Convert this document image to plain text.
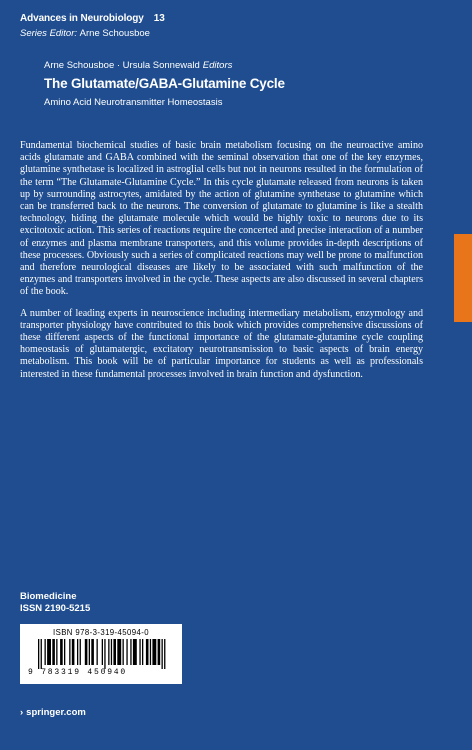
Advances in Neurobiology 13
Series Editor: Arne Schousboe
Arne Schousboe · Ursula Sonnewald Editors
The Glutamate/GABA-Glutamine Cycle
Amino Acid Neurotransmitter Homeostasis

Fundamental biochemical studies of basic brain metabolism focusing on the neuroactive amino acids glutamate and GABA combined with the seminal observation that one of the key enzymes, glutamine synthetase is localized in astroglial cells but not in neurons resulted in the formulation of the term “The Glutamate-Glutamine Cycle.” In this cycle glutamate released from neurons is taken up by surrounding astrocytes, amidated by the action of glutamine synthetase to glutamine which can be transferred back to the neurons. The conversion of glutamate to glutamine is like a stealth technology, hiding the glutamate molecule which would be highly toxic to neurons due to its excitotoxic action. This series of reactions require the concerted and precise interaction of a number of enzymes and plasma membrane transporters, and this volume provides in-depth descriptions of these processes. Obviously such a series of complicated reactions may well be prone to malfunction and therefore neurological diseases are likely to be associated with such malfunction of the enzymes and transporters involved in the cycle. These aspects are also discussed in several chapters of the book.

A number of leading experts in neuroscience including intermediary metabolism, enzymology and transporter physiology have contributed to this book which provides comprehensive discussions of these different aspects of the functional importance of the glutamate-glutamine cycle coupling homeostasis of glutamatergic, excitatory neurotransmission to basic aspects of brain energy metabolism. This book will be of particular importance for students as well as professionals interested in these fundamental processes involved in brain function and dysfunction.

Biomedicine
ISSN 2190-5215
ISBN 978-3-319-45094-0
9 783319 450940
› springer.com
